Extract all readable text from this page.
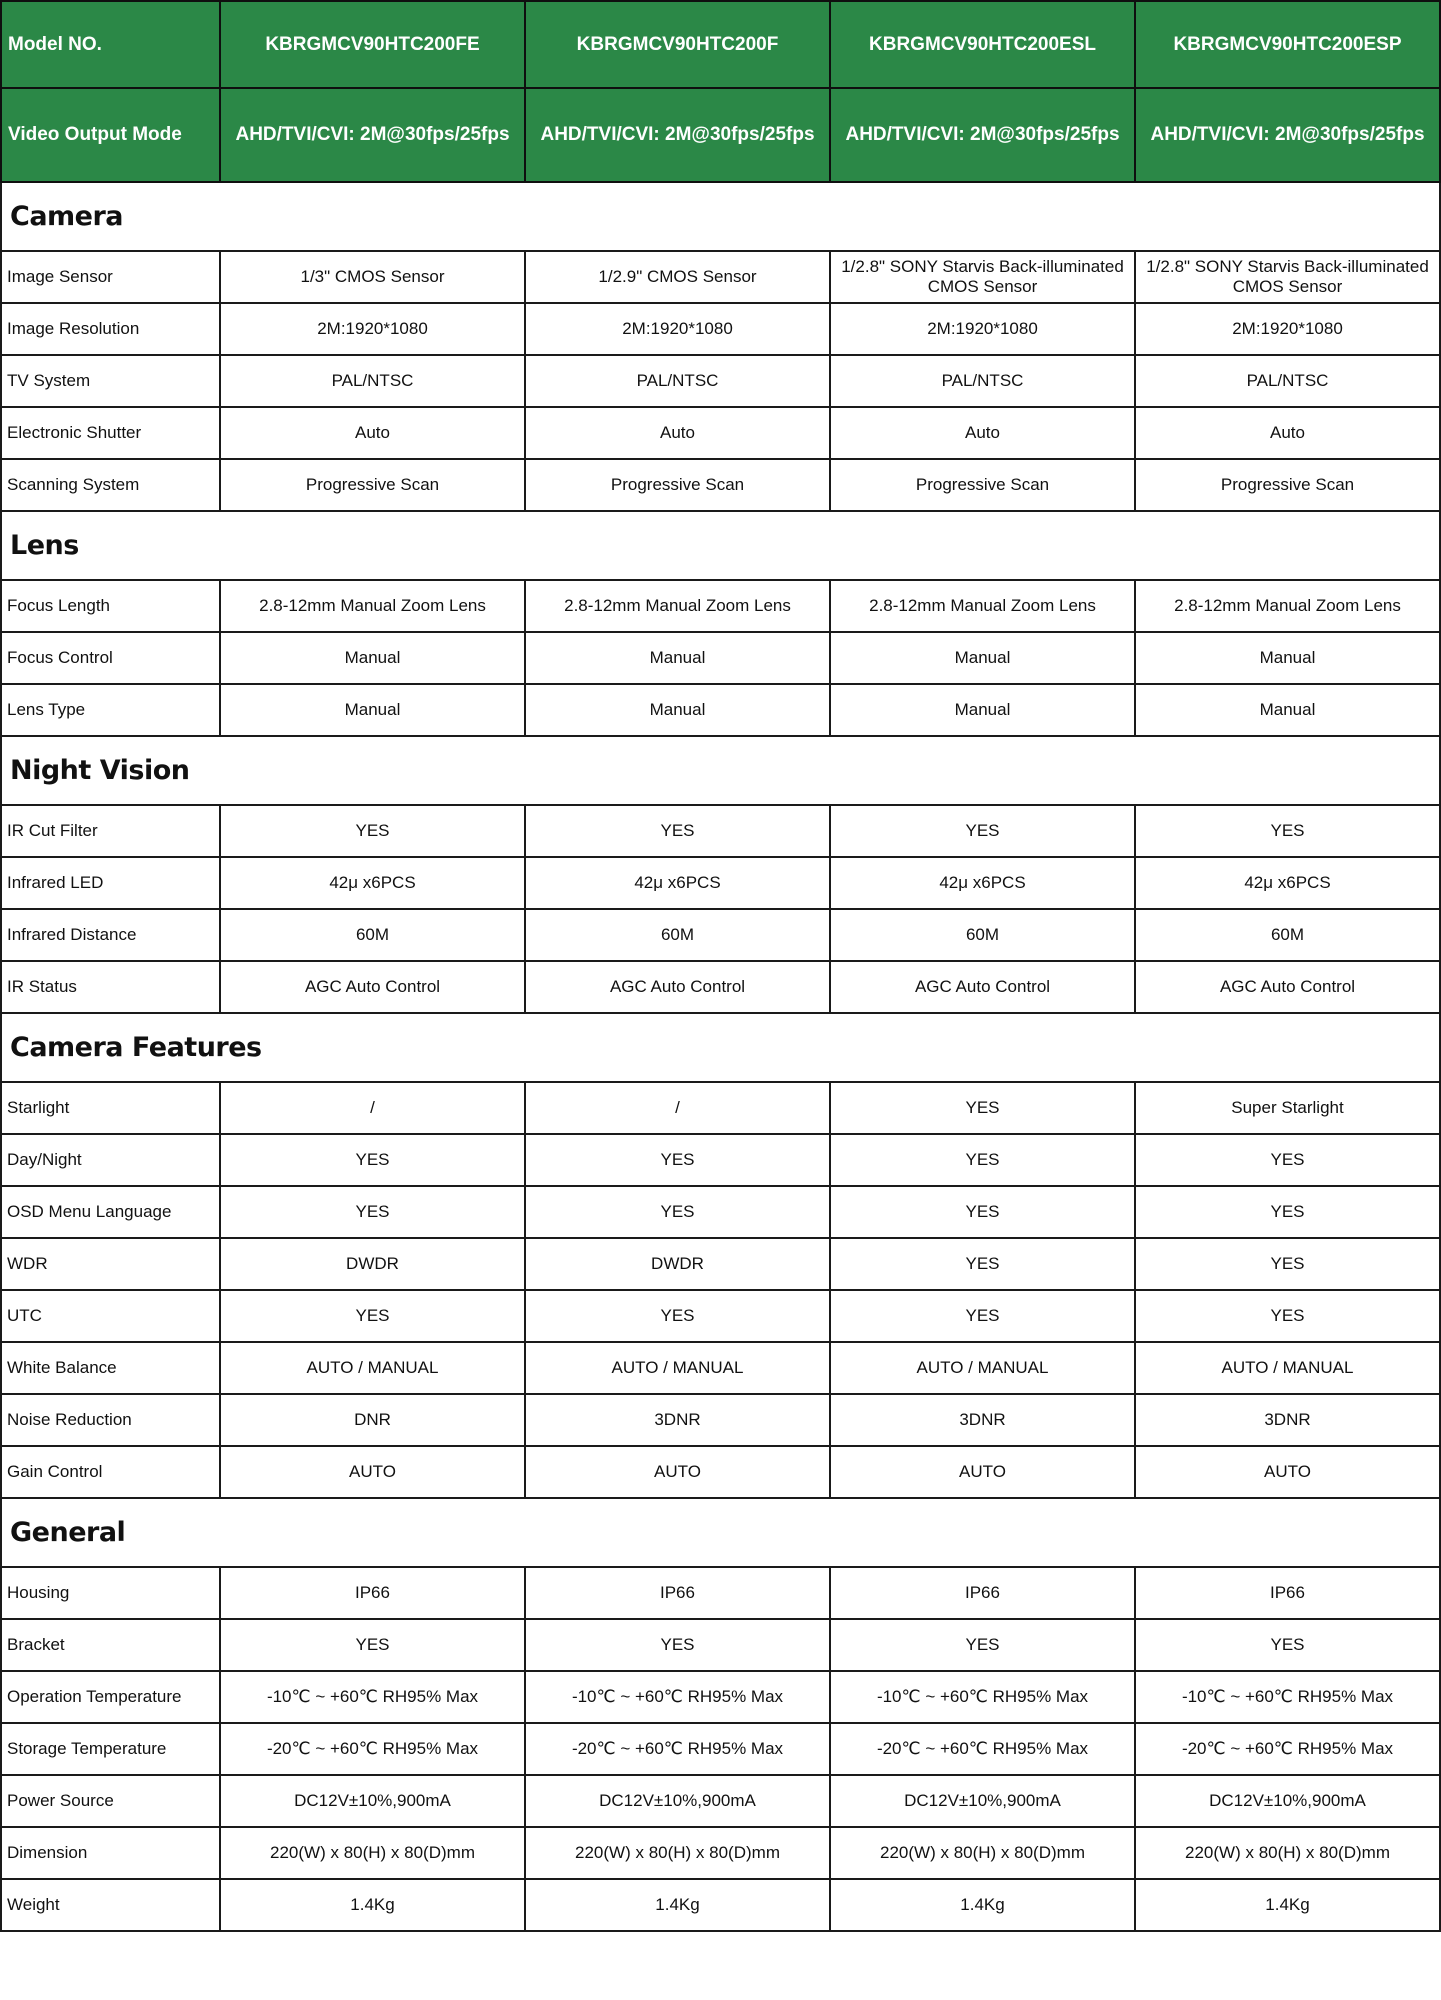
Model NO.	KBRGMCV90HTC200FE	KBRGMCV90HTC200F	KBRGMCV90HTC200ESL	KBRGMCV90HTC200ESP
Video Output Mode	AHD/TVI/CVI: 2M@30fps/25fps	AHD/TVI/CVI: 2M@30fps/25fps	AHD/TVI/CVI: 2M@30fps/25fps	AHD/TVI/CVI: 2M@30fps/25fps
Camera				
Image Sensor	1/3" CMOS Sensor	1/2.9" CMOS Sensor	1/2.8" SONY Starvis Back-illuminated CMOS Sensor	1/2.8" SONY Starvis Back-illuminated CMOS Sensor
Image Resolution	2M:1920*1080	2M:1920*1080	2M:1920*1080	2M:1920*1080
TV System	PAL/NTSC	PAL/NTSC	PAL/NTSC	PAL/NTSC
Electronic Shutter	Auto	Auto	Auto	Auto
Scanning System	Progressive Scan	Progressive Scan	Progressive Scan	Progressive Scan
Lens				
Focus Length	2.8-12mm Manual Zoom Lens	2.8-12mm Manual Zoom Lens	2.8-12mm Manual Zoom Lens	2.8-12mm Manual Zoom Lens
Focus Control	Manual	Manual	Manual	Manual
Lens Type	Manual	Manual	Manual	Manual
Night Vision				
IR Cut Filter	YES	YES	YES	YES
Infrared LED	42μ x6PCS	42μ x6PCS	42μ x6PCS	42μ x6PCS
Infrared Distance	60M	60M	60M	60M
IR Status	AGC Auto Control	AGC Auto Control	AGC Auto Control	AGC Auto Control
Camera Features				
Starlight	/	/	YES	Super Starlight
Day/Night	YES	YES	YES	YES
OSD Menu Language	YES	YES	YES	YES
WDR	DWDR	DWDR	YES	YES
UTC	YES	YES	YES	YES
White Balance	AUTO / MANUAL	AUTO / MANUAL	AUTO / MANUAL	AUTO / MANUAL
Noise Reduction	DNR	3DNR	3DNR	3DNR
Gain Control	AUTO	AUTO	AUTO	AUTO
General				
Housing	IP66	IP66	IP66	IP66
Bracket	YES	YES	YES	YES
Operation Temperature	-10℃ ~ +60℃ RH95% Max	-10℃ ~ +60℃ RH95% Max	-10℃ ~ +60℃ RH95% Max	-10℃ ~ +60℃ RH95% Max
Storage Temperature	-20℃ ~ +60℃ RH95% Max	-20℃ ~ +60℃ RH95% Max	-20℃ ~ +60℃ RH95% Max	-20℃ ~ +60℃ RH95% Max
Power Source	DC12V±10%,900mA	DC12V±10%,900mA	DC12V±10%,900mA	DC12V±10%,900mA
Dimension	220(W) x 80(H) x 80(D)mm	220(W) x 80(H) x 80(D)mm	220(W) x 80(H) x 80(D)mm	220(W) x 80(H) x 80(D)mm
Weight	1.4Kg	1.4Kg	1.4Kg	1.4Kg
